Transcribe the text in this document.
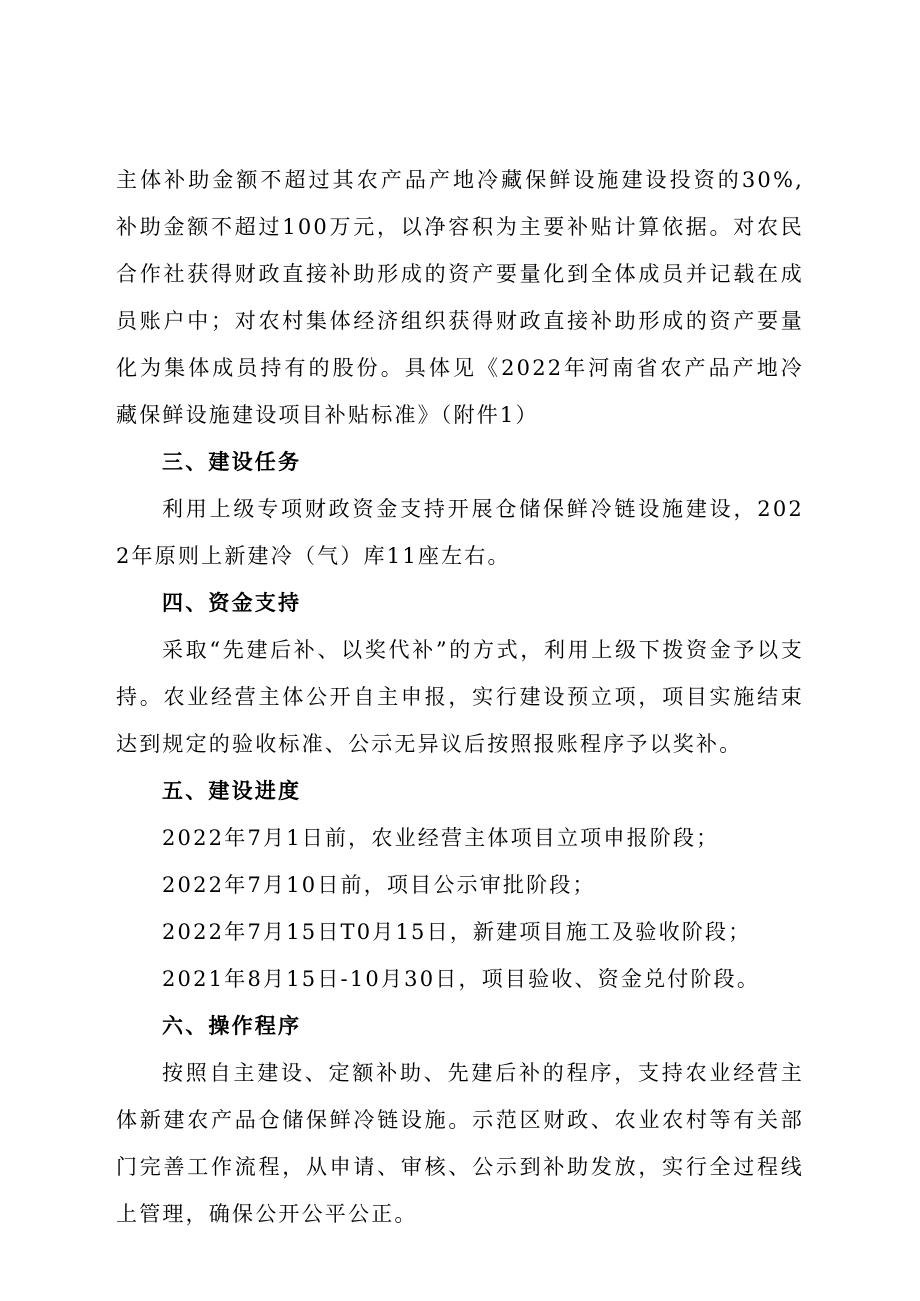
主体补助金额不超过其农产品产地冷藏保鲜设施建设投资的30%,补助金额不超过100万元，以净容积为主要补贴计算依据。对农民合作社获得财政直接补助形成的资产要量化到全体成员并记载在成员账户中；对农村集体经济组织获得财政直接补助形成的资产要量化为集体成员持有的股份。具体见《2022年河南省农产品产地冷藏保鲜设施建设项目补贴标准》（附件1）

三、建设任务

利用上级专项财政资金支持开展仓储保鲜冷链设施建设，2022年原则上新建冷（气）库11座左右。

四、资金支持

采取“先建后补、以奖代补”的方式，利用上级下拨资金予以支持。农业经营主体公开自主申报，实行建设预立项，项目实施结束达到规定的验收标准、公示无异议后按照报账程序予以奖补。

五、建设进度

2022年7月1日前，农业经营主体项目立项申报阶段；

2022年7月10日前，项目公示审批阶段；

2022年7月15日T0月15日，新建项目施工及验收阶段；

2021年8月15日-10月30日，项目验收、资金兑付阶段。

六、操作程序

按照自主建设、定额补助、先建后补的程序，支持农业经营主体新建农产品仓储保鲜冷链设施。示范区财政、农业农村等有关部门完善工作流程，从申请、审核、公示到补助发放，实行全过程线上管理，确保公开公平公正。
